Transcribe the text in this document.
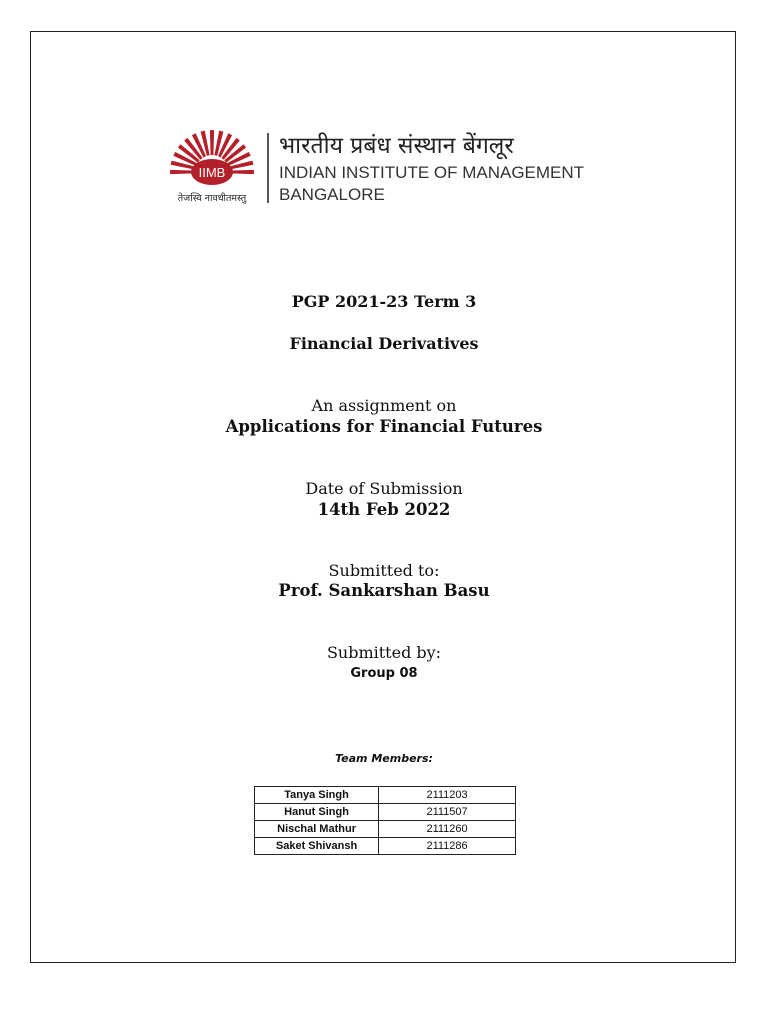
IIMB
तेजस्वि नावधीतमस्तु
भारतीय प्रबंध संस्थान बेंगलूर
INDIAN INSTITUTE OF MANAGEMENT
BANGALORE
PGP 2021-23 Term 3
Financial Derivatives
An assignment on
Applications for Financial Futures
Date of Submission
14th Feb 2022
Submitted to:
Prof. Sankarshan Basu
Submitted by:
Group 08
Team Members:
Tanya Singh	2111203
Hanut Singh	2111507
Nischal Mathur	2111260
Saket Shivansh	2111286
